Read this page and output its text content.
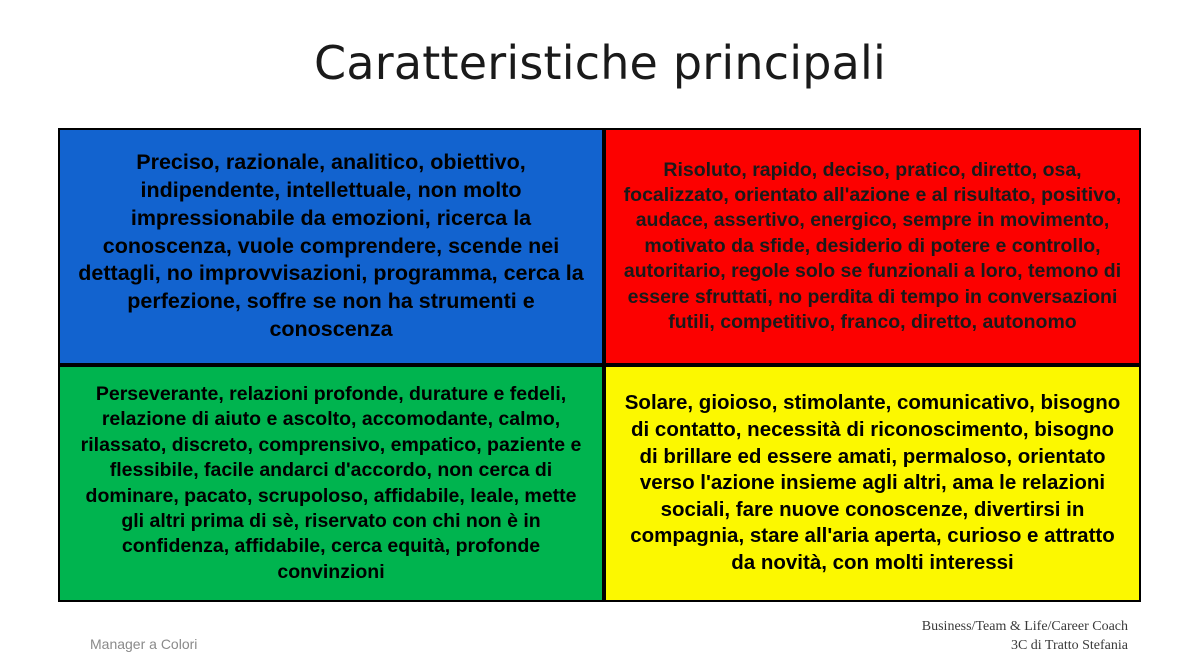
Caratteristiche principali

Preciso, razionale, analitico, obiettivo, indipendente, intellettuale, non molto impressionabile da emozioni, ricerca la conoscenza, vuole comprendere, scende nei dettagli, no improvvisazioni, programma, cerca la perfezione, soffre se non ha strumenti e conoscenza

Risoluto, rapido, deciso, pratico, diretto, osa, focalizzato, orientato all'azione e al risultato, positivo, audace, assertivo, energico, sempre in movimento, motivato da sfide, desiderio di potere e controllo, autoritario, regole solo se funzionali a loro, temono di essere sfruttati, no perdita di tempo in conversazioni futili, competitivo, franco, diretto, autonomo

Perseverante, relazioni profonde, durature e fedeli, relazione di aiuto e ascolto, accomodante, calmo, rilassato, discreto, comprensivo, empatico, paziente e flessibile, facile andarci d'accordo, non cerca di dominare, pacato, scrupoloso, affidabile, leale, mette gli altri prima di sè, riservato con chi non è in confidenza, affidabile, cerca equità, profonde convinzioni

Solare, gioioso, stimolante, comunicativo, bisogno di contatto, necessità di riconoscimento, bisogno di brillare ed essere amati, permaloso, orientato verso l'azione insieme agli altri, ama le relazioni sociali, fare nuove conoscenze, divertirsi in compagnia, stare all'aria aperta, curioso e attratto da novità, con molti interessi

Manager a Colori
Business/Team & Life/Career Coach
3C di Tratto Stefania
